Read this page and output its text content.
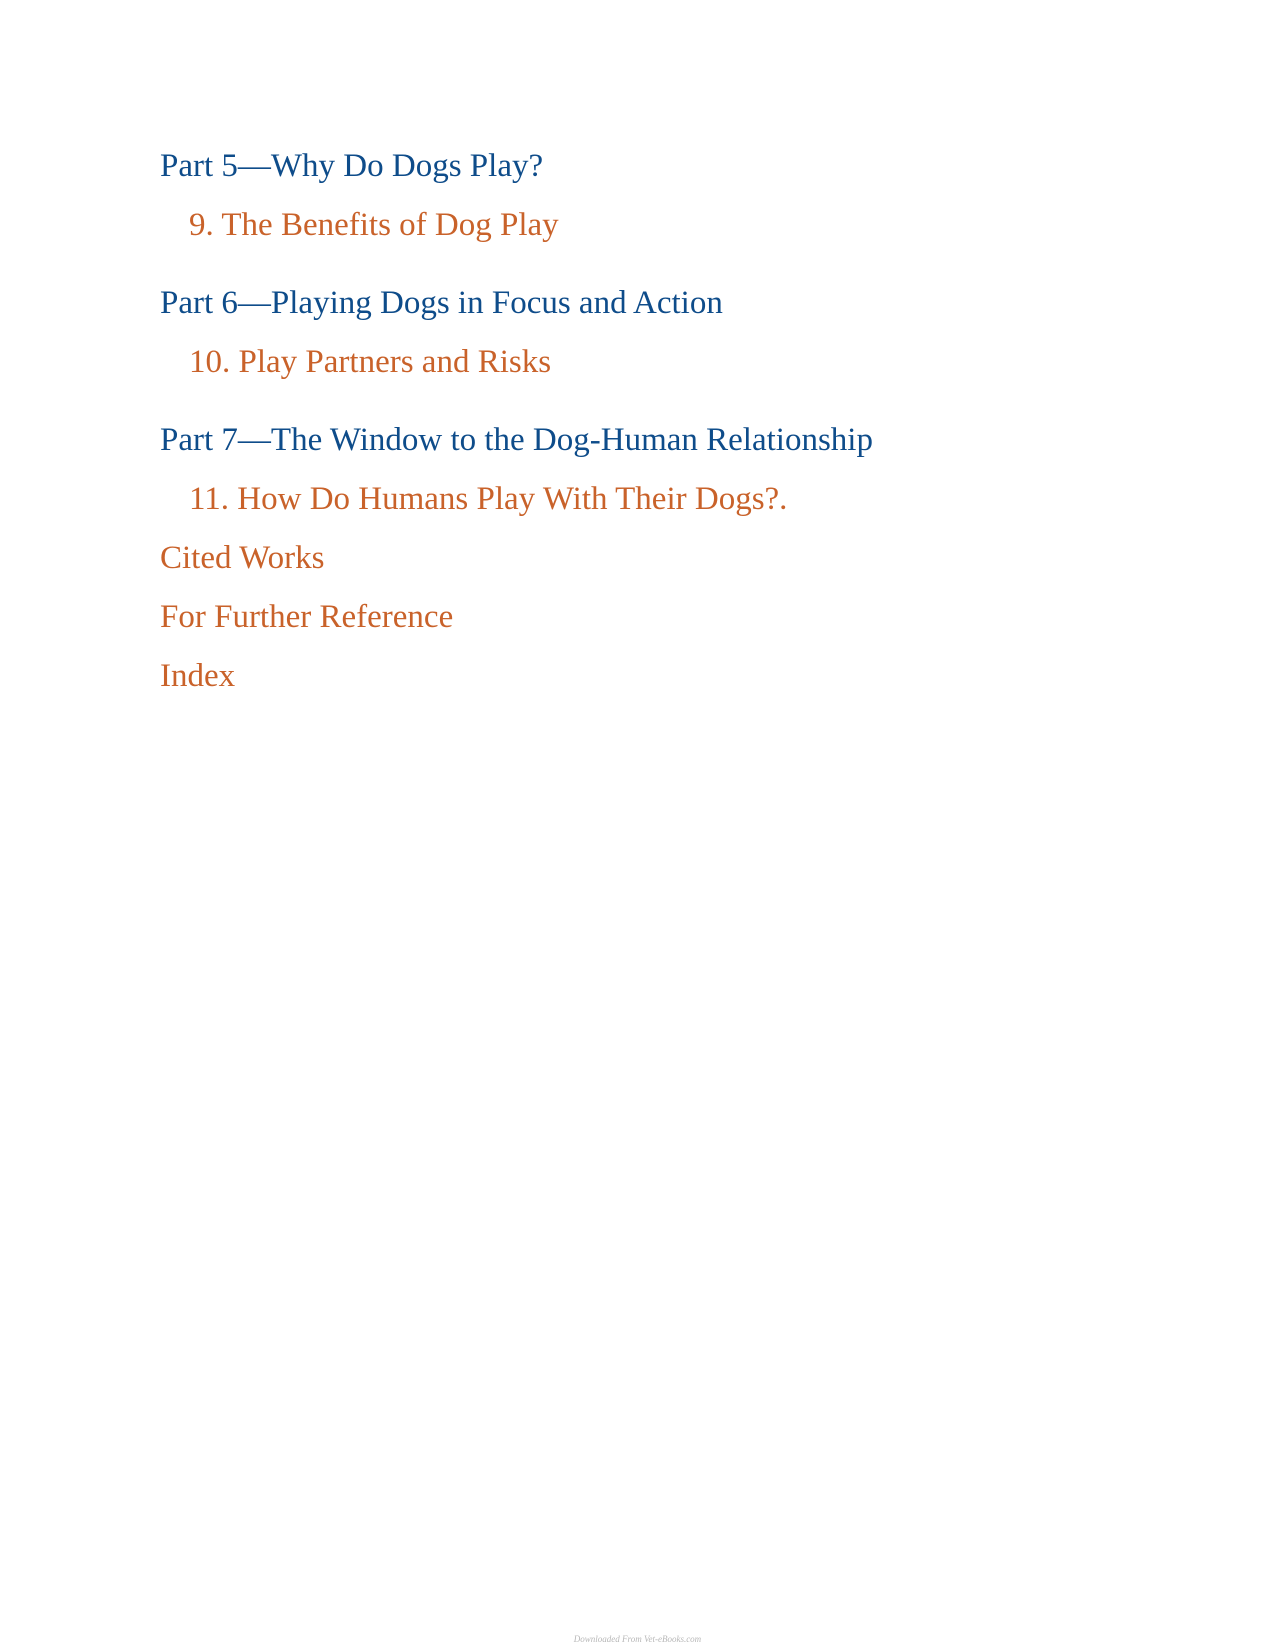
Part 5—Why Do Dogs Play?
9. The Benefits of Dog Play
Part 6—Playing Dogs in Focus and Action
10. Play Partners and Risks
Part 7—The Window to the Dog-Human Relationship
11. How Do Humans Play With Their Dogs?.
Cited Works
For Further Reference
Index
Downloaded From Vet-eBooks.com
